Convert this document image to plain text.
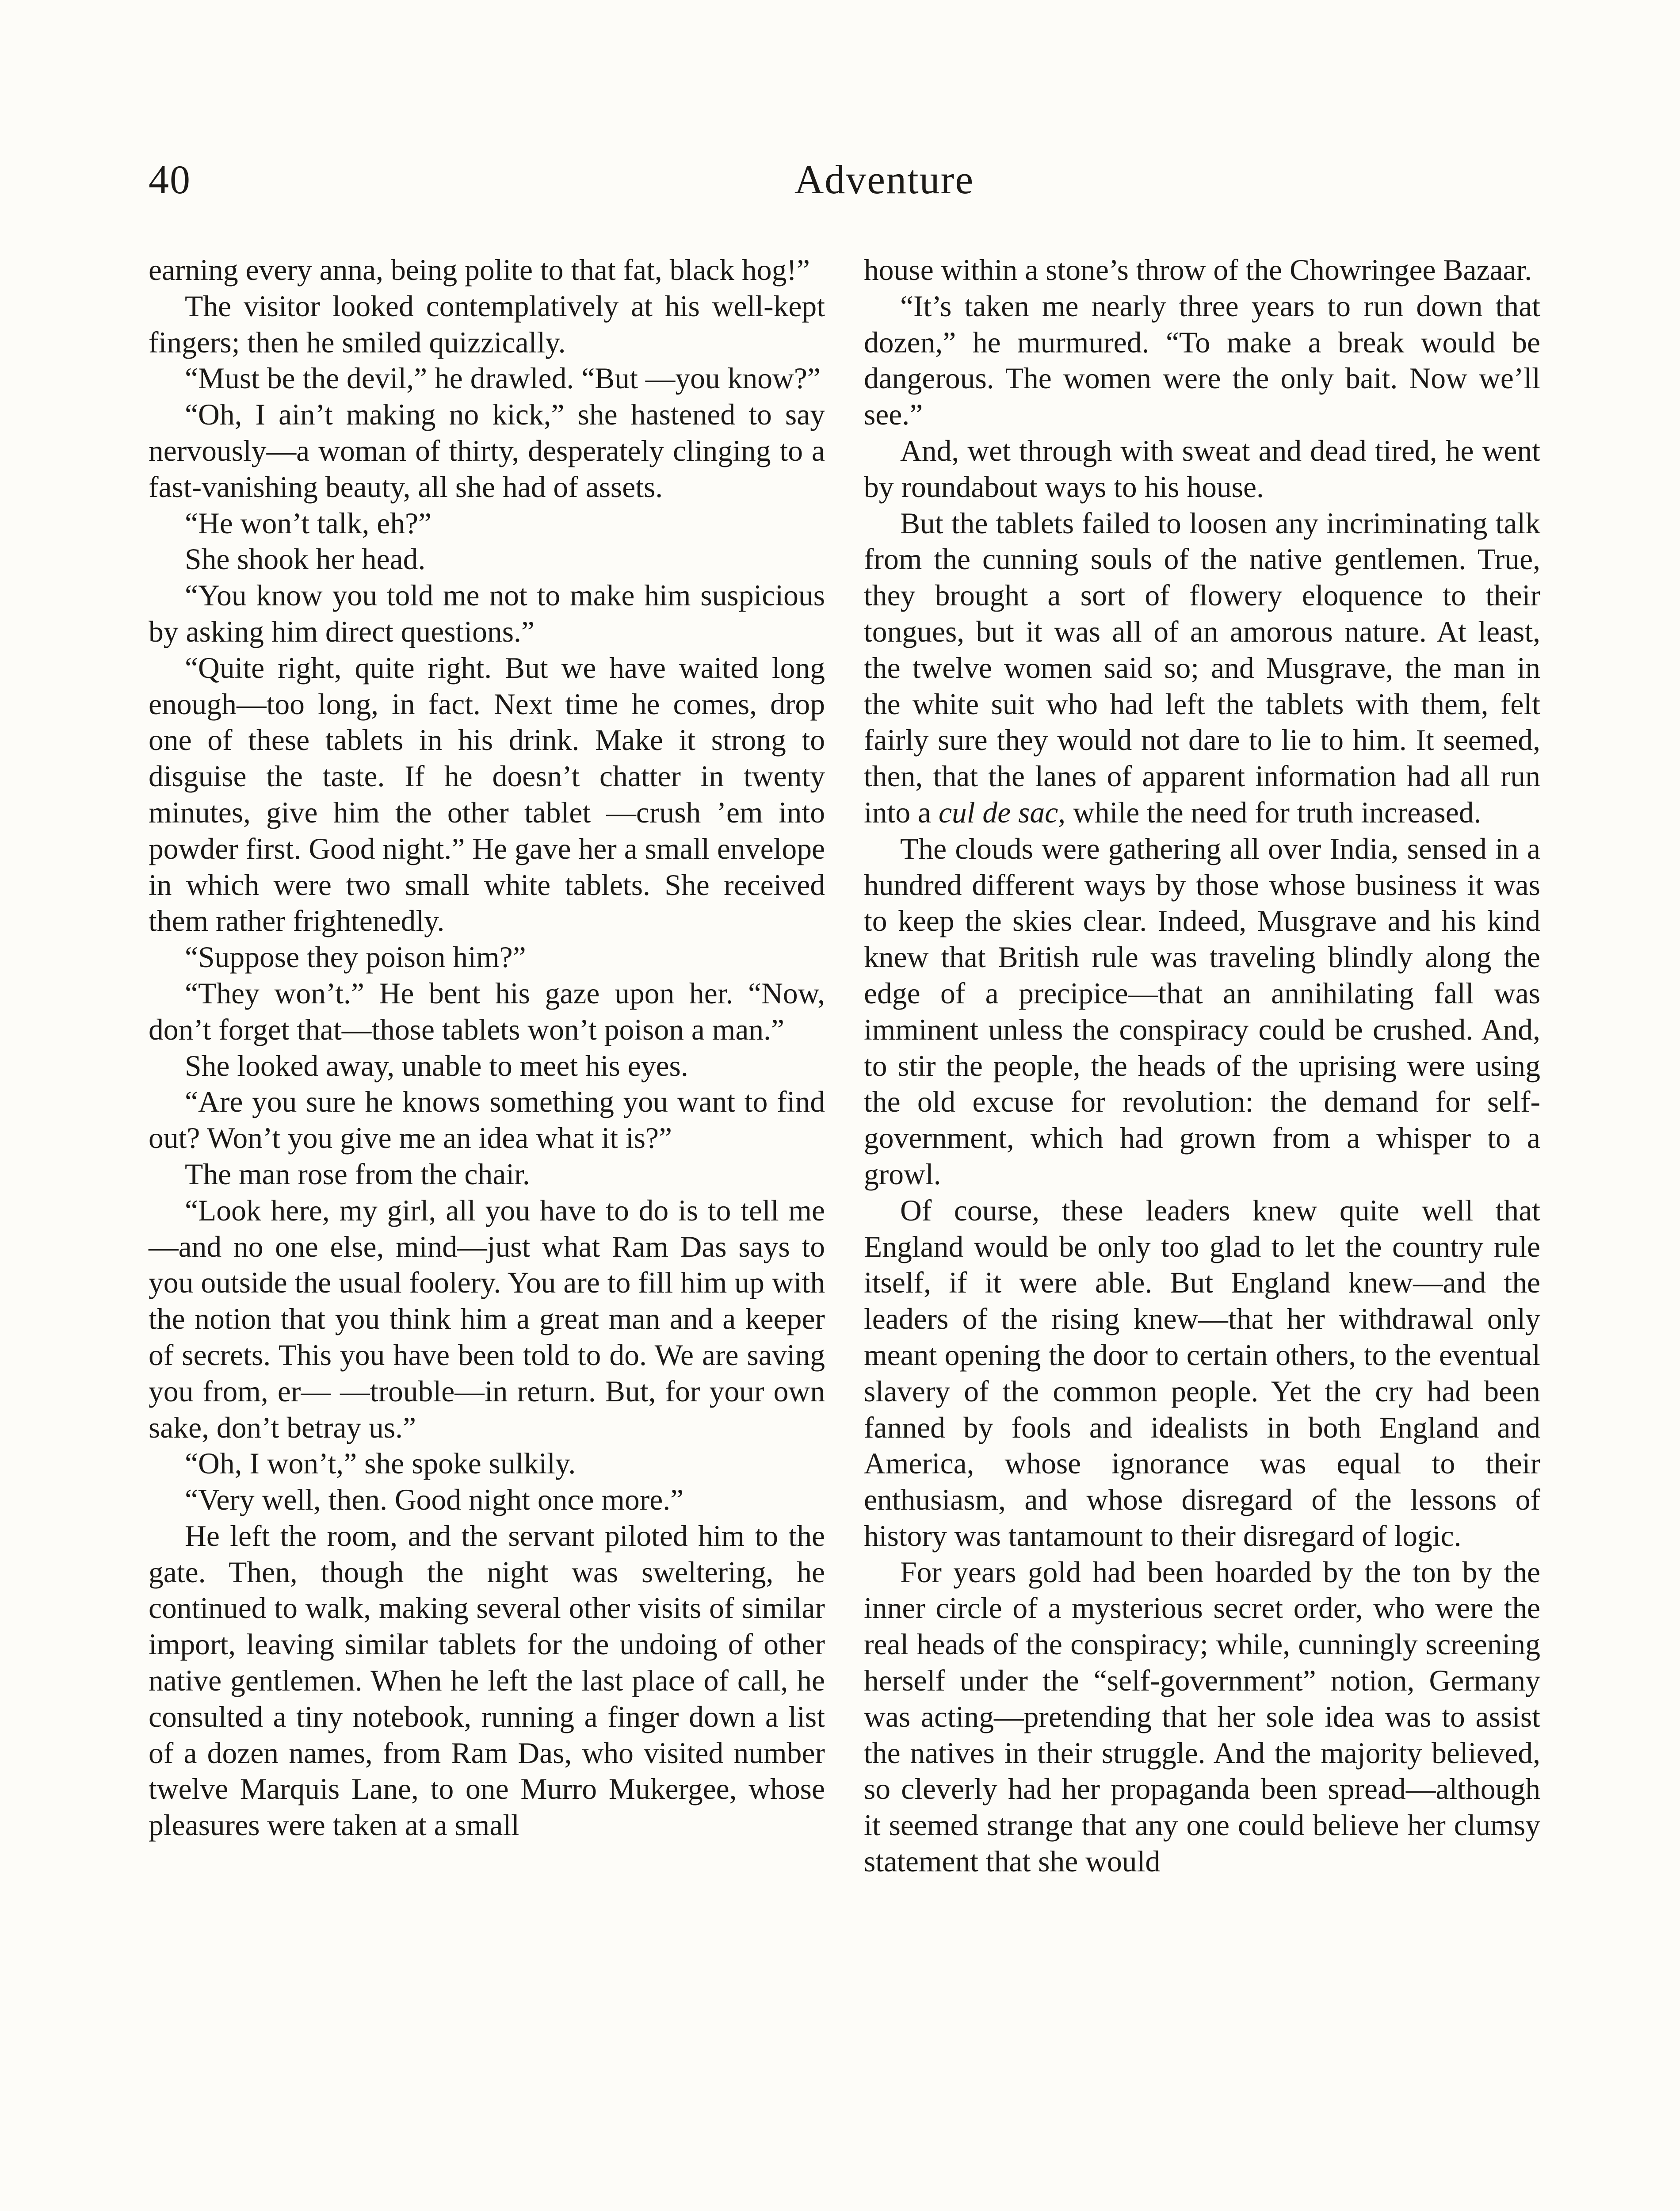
40	Adventure

earning every anna, being polite to that fat, black hog!”

The visitor looked contemplatively at his well-kept fingers; then he smiled quizzically.

“Must be the devil,” he drawled. “But —you know?”

“Oh, I ain’t making no kick,” she hastened to say nervously—a woman of thirty, desperately clinging to a fast-vanishing beauty, all she had of assets.

“He won’t talk, eh?”

She shook her head.

“You know you told me not to make him suspicious by asking him direct questions.”

“Quite right, quite right. But we have waited long enough—too long, in fact. Next time he comes, drop one of these tablets in his drink. Make it strong to disguise the taste. If he doesn’t chatter in twenty minutes, give him the other tablet —crush ’em into powder first. Good night.” He gave her a small envelope in which were two small white tablets. She received them rather frightenedly.

“Suppose they poison him?”

“They won’t.” He bent his gaze upon her. “Now, don’t forget that—those tablets won’t poison a man.”

She looked away, unable to meet his eyes.

“Are you sure he knows something you want to find out? Won’t you give me an idea what it is?”

The man rose from the chair.

“Look here, my girl, all you have to do is to tell me—and no one else, mind—just what Ram Das says to you outside the usual foolery. You are to fill him up with the notion that you think him a great man and a keeper of secrets. This you have been told to do. We are saving you from, er— —trouble—in return. But, for your own sake, don’t betray us.”

“Oh, I won’t,” she spoke sulkily.

“Very well, then. Good night once more.”

He left the room, and the servant piloted him to the gate. Then, though the night was sweltering, he continued to walk, making several other visits of similar import, leaving similar tablets for the undoing of other native gentlemen. When he left the last place of call, he consulted a tiny notebook, running a finger down a list of a dozen names, from Ram Das, who visited number twelve Marquis Lane, to one Murro Mukergee, whose pleasures were taken at a small

house within a stone’s throw of the Chowringee Bazaar.

“It’s taken me nearly three years to run down that dozen,” he murmured. “To make a break would be dangerous. The women were the only bait. Now we’ll see.”

And, wet through with sweat and dead tired, he went by roundabout ways to his house.

But the tablets failed to loosen any incriminating talk from the cunning souls of the native gentlemen. True, they brought a sort of flowery eloquence to their tongues, but it was all of an amorous nature. At least, the twelve women said so; and Musgrave, the man in the white suit who had left the tablets with them, felt fairly sure they would not dare to lie to him. It seemed, then, that the lanes of apparent information had all run into a cul de sac, while the need for truth increased.

The clouds were gathering all over India, sensed in a hundred different ways by those whose business it was to keep the skies clear. Indeed, Musgrave and his kind knew that British rule was traveling blindly along the edge of a precipice—that an annihilating fall was imminent unless the conspiracy could be crushed. And, to stir the people, the heads of the uprising were using the old excuse for revolution: the demand for self-government, which had grown from a whisper to a growl.

Of course, these leaders knew quite well that England would be only too glad to let the country rule itself, if it were able. But England knew—and the leaders of the rising knew—that her withdrawal only meant opening the door to certain others, to the eventual slavery of the common people. Yet the cry had been fanned by fools and idealists in both England and America, whose ignorance was equal to their enthusiasm, and whose disregard of the lessons of history was tantamount to their disregard of logic.

For years gold had been hoarded by the ton by the inner circle of a mysterious secret order, who were the real heads of the conspiracy; while, cunningly screening herself under the “self-government” notion, Germany was acting—pretending that her sole idea was to assist the natives in their struggle. And the majority believed, so cleverly had her propaganda been spread—although it seemed strange that any one could believe her clumsy statement that she would
